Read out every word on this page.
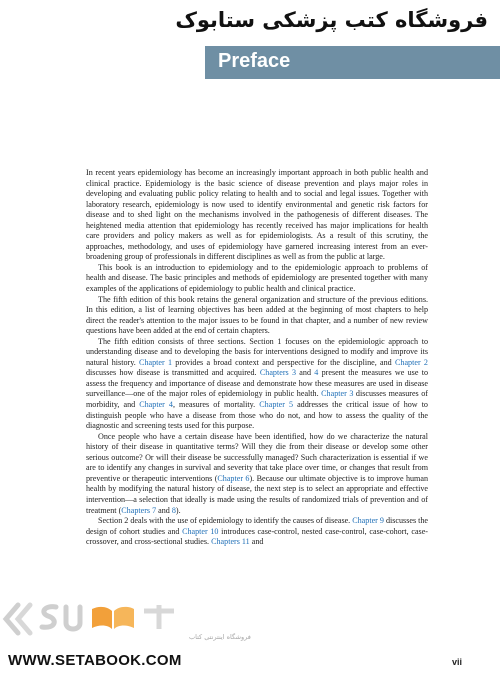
فروشگاه کتب پزشکی ستابوک
Preface

In recent years epidemiology has become an increasingly important approach in both public health and clinical practice. Epidemiology is the basic science of disease prevention and plays major roles in developing and evaluating public policy relating to health and to social and legal issues. Together with laboratory research, epidemiology is now used to identify environmental and genetic risk factors for disease and to shed light on the mechanisms involved in the pathogenesis of different diseases. The heightened media attention that epidemiology has recently received has major implications for health care providers and policy makers as well as for epidemiologists. As a result of this scrutiny, the approaches, methodology, and uses of epidemiology have garnered increasing interest from an ever-broadening group of professionals in different disciplines as well as from the public at large.

This book is an introduction to epidemiology and to the epidemiologic approach to problems of health and disease. The basic principles and methods of epidemiology are presented together with many examples of the applications of epidemiology to public health and clinical practice.

The fifth edition of this book retains the general organization and structure of the previous editions. In this edition, a list of learning objectives has been added at the beginning of most chapters to help direct the reader's attention to the major issues to be found in that chapter, and a number of new review questions have been added at the end of certain chapters.

The fifth edition consists of three sections. Section 1 focuses on the epidemiologic approach to understanding disease and to developing the basis for interventions designed to modify and improve its natural history. Chapter 1 provides a broad context and perspective for the discipline, and Chapter 2 discusses how disease is transmitted and acquired. Chapters 3 and 4 present the measures we use to assess the frequency and importance of disease and demonstrate how these measures are used in disease surveillance—one of the major roles of epidemiology in public health. Chapter 3 discusses measures of morbidity, and Chapter 4, measures of mortality. Chapter 5 addresses the critical issue of how to distinguish people who have a disease from those who do not, and how to assess the quality of the diagnostic and screening tests used for this purpose.

Once people who have a certain disease have been identified, how do we characterize the natural history of their disease in quantitative terms? Will they die from their disease or develop some other serious outcome? Or will their disease be successfully managed? Such characterization is essential if we are to identify any changes in survival and severity that take place over time, or changes that result from preventive or therapeutic interventions (Chapter 6). Because our ultimate objective is to improve human health by modifying the natural history of disease, the next step is to select an appropriate and effective intervention—a selection that ideally is made using the results of randomized trials of prevention and of treatment (Chapters 7 and 8).

Section 2 deals with the use of epidemiology to identify the causes of disease. Chapter 9 discusses the design of cohort studies and Chapter 10 introduces case-control, nested case-control, case-cohort, case-crossover, and cross-sectional studies. Chapters 11 and

فروشگاه اینترنتی کتاب
WWW.SETABOOK.COM	vii
